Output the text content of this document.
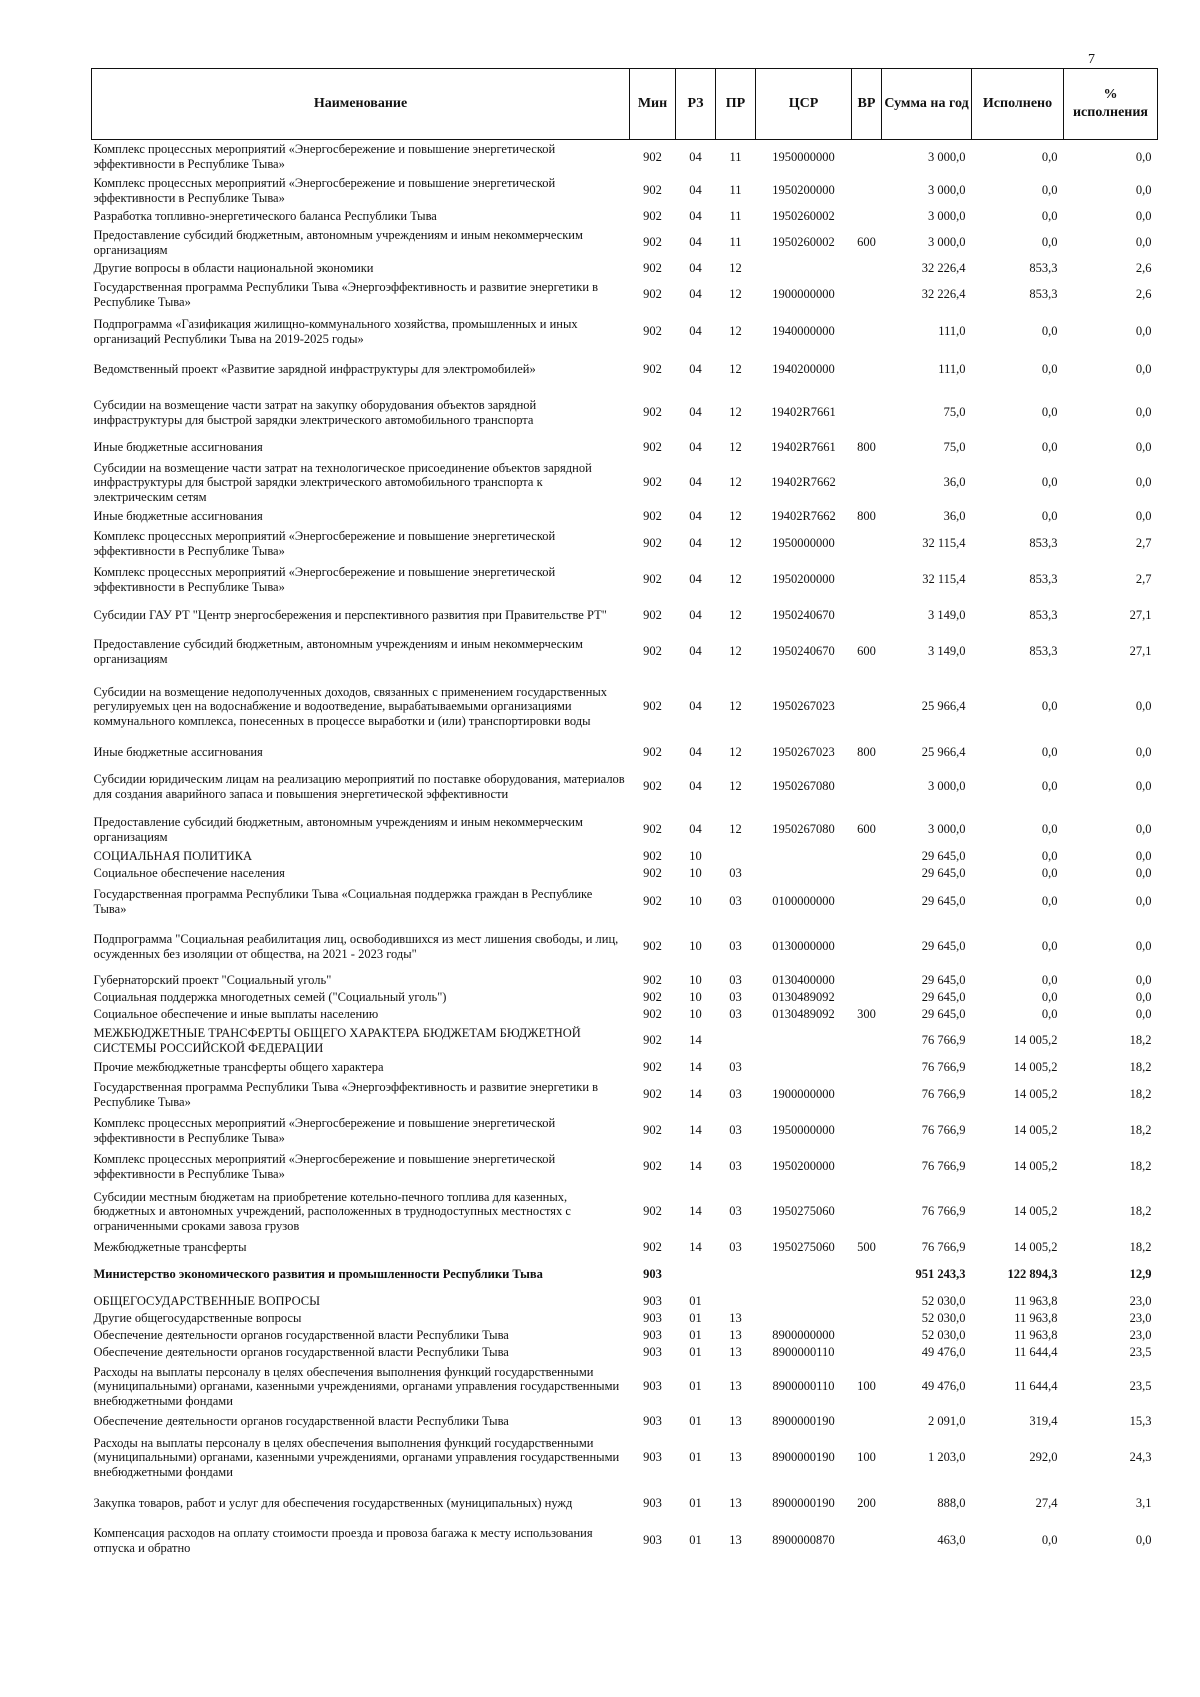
7
Наименование	Мин	РЗ	ПР	ЦСР	ВР	Сумма на год	Исполнено	% исполнения
Комплекс процессных мероприятий «Энергосбережение и повышение энергетической эффективности в Республике Тыва»	902	04	11	1950000000		3 000,0	0,0	0,0
Комплекс процессных мероприятий «Энергосбережение и повышение энергетической эффективности в Республике Тыва»	902	04	11	1950200000		3 000,0	0,0	0,0
Разработка топливно-энергетического баланса Республики Тыва	902	04	11	1950260002		3 000,0	0,0	0,0
Предоставление субсидий бюджетным, автономным учреждениям и иным некоммерческим организациям	902	04	11	1950260002	600	3 000,0	0,0	0,0
Другие вопросы в области национальной экономики	902	04	12			32 226,4	853,3	2,6
Государственная программа Республики Тыва «Энергоэффективность и развитие энергетики в Республике Тыва»	902	04	12	1900000000		32 226,4	853,3	2,6
Подпрограмма «Газификация жилищно-коммунального хозяйства, промышленных и иных организаций Республики Тыва на 2019-2025 годы»	902	04	12	1940000000		111,0	0,0	0,0
Ведомственный проект «Развитие зарядной инфраструктуры для электромобилей»	902	04	12	1940200000		111,0	0,0	0,0
Субсидии на возмещение части затрат на закупку оборудования объектов зарядной инфраструктуры для быстрой зарядки электрического автомобильного транспорта	902	04	12	19402R7661		75,0	0,0	0,0
Иные бюджетные ассигнования	902	04	12	19402R7661	800	75,0	0,0	0,0
Субсидии на возмещение части затрат на технологическое присоединение объектов зарядной инфраструктуры для быстрой зарядки электрического автомобильного транспорта к электрическим сетям	902	04	12	19402R7662		36,0	0,0	0,0
Иные бюджетные ассигнования	902	04	12	19402R7662	800	36,0	0,0	0,0
Комплекс процессных мероприятий «Энергосбережение и повышение энергетической эффективности в Республике Тыва»	902	04	12	1950000000		32 115,4	853,3	2,7
Комплекс процессных мероприятий «Энергосбережение и повышение энергетической эффективности в Республике Тыва»	902	04	12	1950200000		32 115,4	853,3	2,7
Субсидии ГАУ РТ "Центр энергосбережения и перспективного развития при Правительстве РТ"	902	04	12	1950240670		3 149,0	853,3	27,1
Предоставление субсидий бюджетным, автономным учреждениям и иным некоммерческим организациям	902	04	12	1950240670	600	3 149,0	853,3	27,1
Субсидии на возмещение недополученных доходов, связанных с применением государственных регулируемых цен на водоснабжение и водоотведение, вырабатываемыми организациями коммунального комплекса, понесенных в процессе выработки и (или) транспортировки воды	902	04	12	1950267023		25 966,4	0,0	0,0
Иные бюджетные ассигнования	902	04	12	1950267023	800	25 966,4	0,0	0,0
Субсидии юридическим лицам на реализацию мероприятий по поставке оборудования, материалов для создания аварийного запаса и повышения энергетической эффективности	902	04	12	1950267080		3 000,0	0,0	0,0
Предоставление субсидий бюджетным, автономным учреждениям и иным некоммерческим организациям	902	04	12	1950267080	600	3 000,0	0,0	0,0
СОЦИАЛЬНАЯ ПОЛИТИКА	902	10				29 645,0	0,0	0,0
Социальное обеспечение населения	902	10	03			29 645,0	0,0	0,0
Государственная программа Республики Тыва «Социальная поддержка граждан в Республике Тыва»	902	10	03	0100000000		29 645,0	0,0	0,0
Подпрограмма "Социальная реабилитация лиц, освободившихся из мест лишения свободы, и лиц, осужденных без изоляции от общества, на 2021 - 2023 годы"	902	10	03	0130000000		29 645,0	0,0	0,0
Губернаторский проект "Социальный уголь"	902	10	03	0130400000		29 645,0	0,0	0,0
Социальная поддержка многодетных семей ("Социальный уголь")	902	10	03	0130489092		29 645,0	0,0	0,0
Социальное обеспечение и иные выплаты населению	902	10	03	0130489092	300	29 645,0	0,0	0,0
МЕЖБЮДЖЕТНЫЕ ТРАНСФЕРТЫ ОБЩЕГО ХАРАКТЕРА БЮДЖЕТАМ БЮДЖЕТНОЙ СИСТЕМЫ РОССИЙСКОЙ ФЕДЕРАЦИИ	902	14				76 766,9	14 005,2	18,2
Прочие межбюджетные трансферты общего характера	902	14	03			76 766,9	14 005,2	18,2
Государственная программа Республики Тыва «Энергоэффективность и развитие энергетики в Республике Тыва»	902	14	03	1900000000		76 766,9	14 005,2	18,2
Комплекс процессных мероприятий «Энергосбережение и повышение энергетической эффективности в Республике Тыва»	902	14	03	1950000000		76 766,9	14 005,2	18,2
Комплекс процессных мероприятий «Энергосбережение и повышение энергетической эффективности в Республике Тыва»	902	14	03	1950200000		76 766,9	14 005,2	18,2
Субсидии местным бюджетам на приобретение котельно-печного топлива для казенных, бюджетных и автономных учреждений, расположенных в труднодоступных местностях с ограниченными сроками завоза грузов	902	14	03	1950275060		76 766,9	14 005,2	18,2
Межбюджетные трансферты	902	14	03	1950275060	500	76 766,9	14 005,2	18,2
Министерство экономического развития и промышленности Республики Тыва	903					951 243,3	122 894,3	12,9
ОБЩЕГОСУДАРСТВЕННЫЕ ВОПРОСЫ	903	01				52 030,0	11 963,8	23,0
Другие общегосударственные вопросы	903	01	13			52 030,0	11 963,8	23,0
Обеспечение деятельности органов государственной власти Республики Тыва	903	01	13	8900000000		52 030,0	11 963,8	23,0
Обеспечение деятельности органов государственной власти Республики Тыва	903	01	13	8900000110		49 476,0	11 644,4	23,5
Расходы на выплаты персоналу в целях обеспечения выполнения функций государственными (муниципальными) органами, казенными учреждениями, органами управления государственными внебюджетными фондами	903	01	13	8900000110	100	49 476,0	11 644,4	23,5
Обеспечение деятельности органов государственной власти Республики Тыва	903	01	13	8900000190		2 091,0	319,4	15,3
Расходы на выплаты персоналу в целях обеспечения выполнения функций государственными (муниципальными) органами, казенными учреждениями, органами управления государственными внебюджетными фондами	903	01	13	8900000190	100	1 203,0	292,0	24,3
Закупка товаров, работ и услуг для обеспечения государственных (муниципальных) нужд	903	01	13	8900000190	200	888,0	27,4	3,1
Компенсация расходов на оплату стоимости проезда и провоза багажа к месту использования отпуска и обратно	903	01	13	8900000870		463,0	0,0	0,0
